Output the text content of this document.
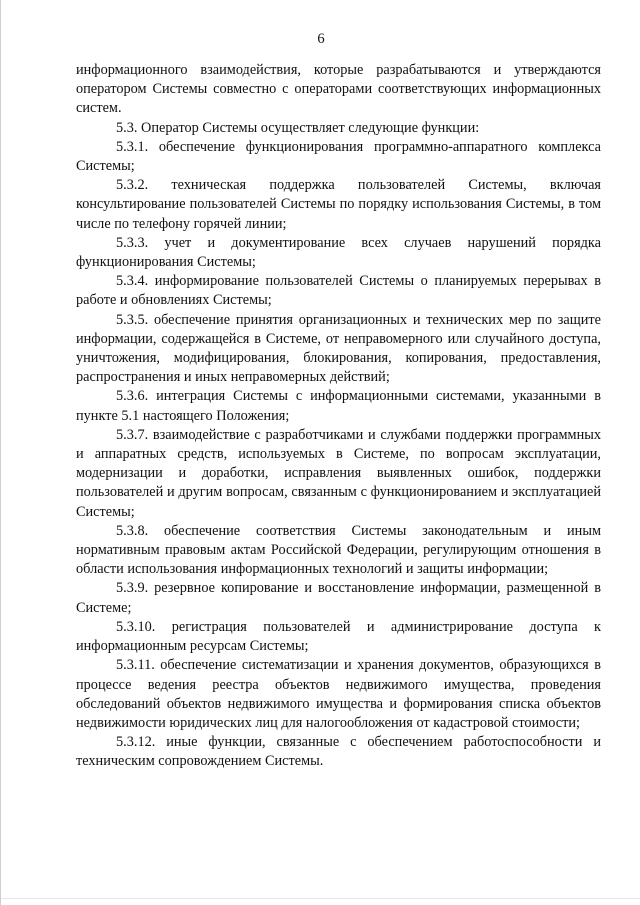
6

информационного взаимодействия, которые разрабатываются и утверждаются оператором Системы совместно с операторами соответствующих информационных систем.

5.3. Оператор Системы осуществляет следующие функции:

5.3.1. обеспечение функционирования программно-аппаратного комплекса Системы;

5.3.2. техническая поддержка пользователей Системы, включая консультирование пользователей Системы по порядку использования Системы, в том числе по телефону горячей линии;

5.3.3. учет и документирование всех случаев нарушений порядка функционирования Системы;

5.3.4. информирование пользователей Системы о планируемых перерывах в работе и обновлениях Системы;

5.3.5. обеспечение принятия организационных и технических мер по защите информации, содержащейся в Системе, от неправомерного или случайного доступа, уничтожения, модифицирования, блокирования, копирования, предоставления, распространения и иных неправомерных действий;

5.3.6. интеграция Системы с информационными системами, указанными в пункте 5.1 настоящего Положения;

5.3.7. взаимодействие с разработчиками и службами поддержки программных и аппаратных средств, используемых в Системе, по вопросам эксплуатации, модернизации и доработки, исправления выявленных ошибок, поддержки пользователей и другим вопросам, связанным с функционированием и эксплуатацией Системы;

5.3.8. обеспечение соответствия Системы законодательным и иным нормативным правовым актам Российской Федерации, регулирующим отношения в области использования информационных технологий и защиты информации;

5.3.9. резервное копирование и восстановление информации, размещенной в Системе;

5.3.10. регистрация пользователей и администрирование доступа к информационным ресурсам Системы;

5.3.11. обеспечение систематизации и хранения документов, образующихся в процессе ведения реестра объектов недвижимого имущества, проведения обследований объектов недвижимого имущества и формирования списка объектов недвижимости юридических лиц для налогообложения от кадастровой стоимости;

5.3.12. иные функции, связанные с обеспечением работоспособности и техническим сопровождением Системы.
